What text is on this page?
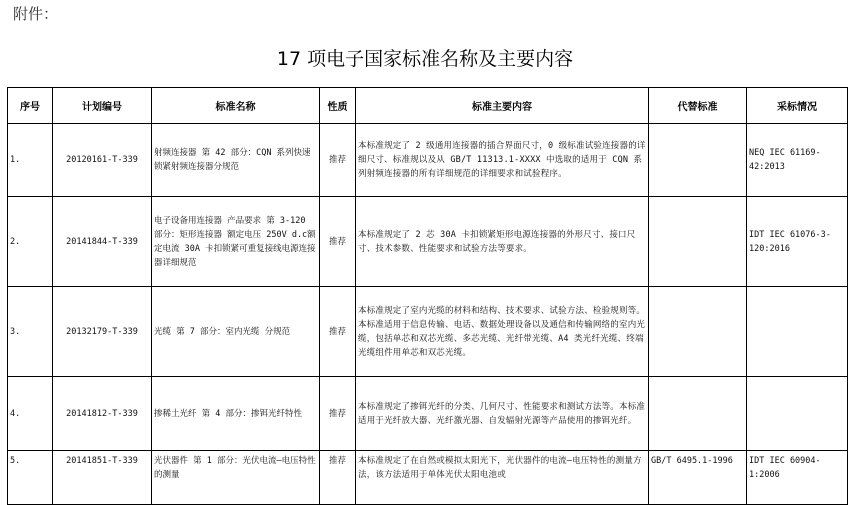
附件：
17 项电子国家标准名称及主要内容
序号	计划编号	标准名称	性质	标准主要内容	代替标准	采标情况
1.	20120161-T-339	射频连接器 第 42 部分：CQN 系列快速锁紧射频连接器分规范	推荐	本标准规定了 2 级通用连接器的插合界面尺寸，0 级标准试验连接器的详细尺寸、标准规以及从 GB/T 11313.1-XXXX 中选取的适用于 CQN 系列射频连接器的所有详细规范的详细要求和试验程序。		NEQ IEC 61169-42:2013
2.	20141844-T-339	电子设备用连接器 产品要求 第 3-120 部分：矩形连接器 额定电压 250V d.c额定电流 30A 卡扣锁紧可重复接线电源连接器详细规范	推荐	本标准规定了 2 芯 30A 卡扣锁紧矩形电源连接器的外形尺寸、接口尺寸、技术参数、性能要求和试验方法等要求。		IDT IEC 61076-3-120:2016
3.	20132179-T-339	光缆 第 7 部分：室内光缆 分规范	推荐	本标准规定了室内光缆的材料和结构、技术要求、试验方法、检验规则等。本标准适用于信息传输、电话、数据处理设备以及通信和传输网络的室内光缆，包括单芯和双芯光缆、多芯光缆、光纤带光缆、A4 类光纤光缆、终端光缆组件用单芯和双芯光缆。		
4.	20141812-T-339	掺稀土光纤 第 4 部分：掺铒光纤特性	推荐	本标准规定了掺铒光纤的分类、几何尺寸、性能要求和测试方法等。本标准适用于光纤放大器、光纤激光器、自发辐射光源等产品使用的掺铒光纤。		
5.	20141851-T-339	光伏器件 第 1 部分：光伏电流—电压特性的测量	推荐	本标准规定了在自然或模拟太阳光下，光伏器件的电流—电压特性的测量方法，该方法适用于单体光伏太阳电池或	GB/T 6495.1-1996	IDT IEC 60904-1:2006
